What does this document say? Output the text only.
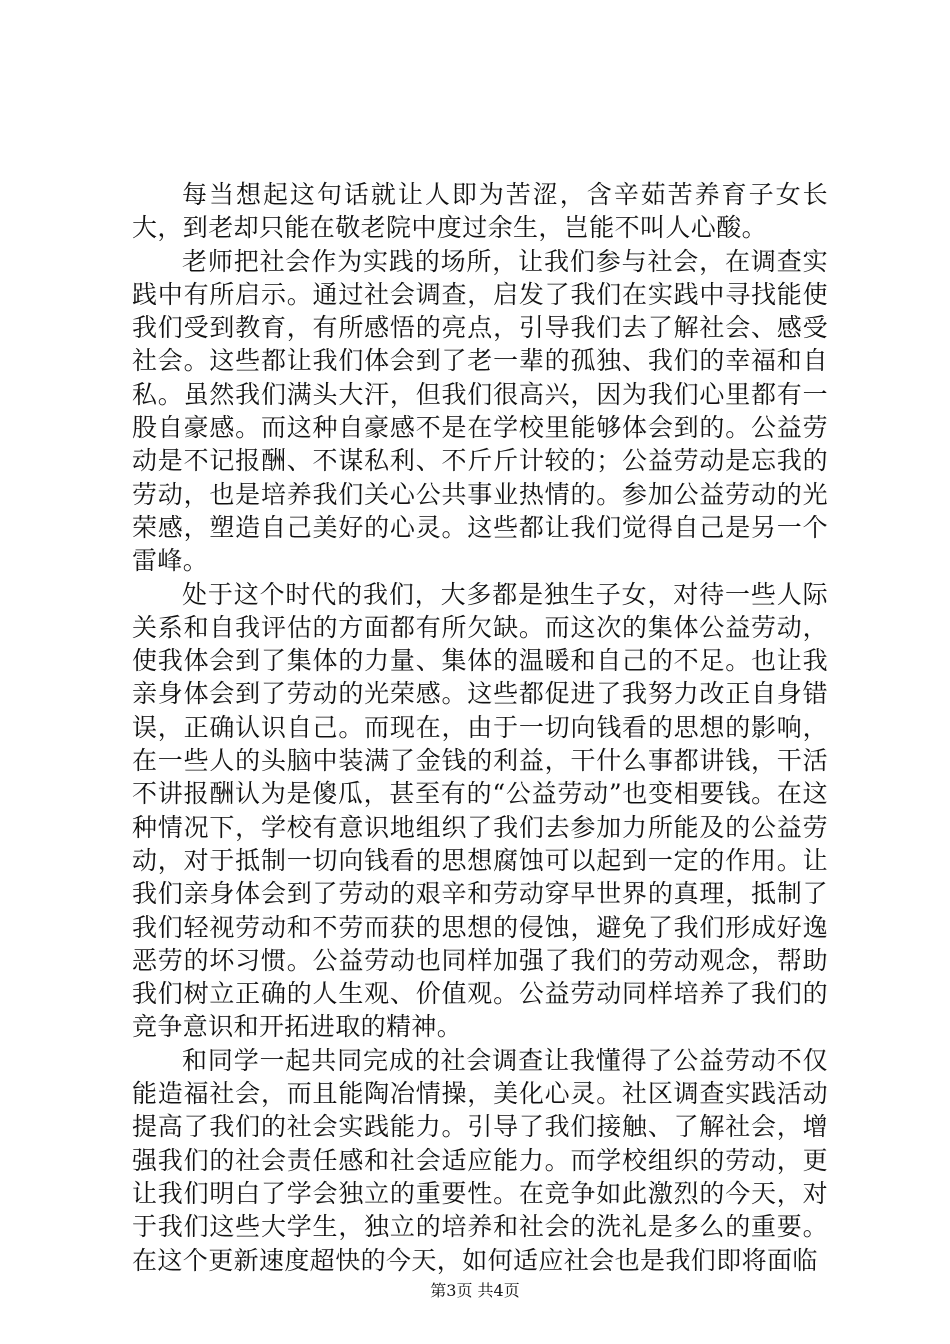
每当想起这句话就让人即为苦涩，含辛茹苦养育子女长大，到老却只能在敬老院中度过余生，岂能不叫人心酸。

老师把社会作为实践的场所，让我们参与社会，在调查实践中有所启示。通过社会调查，启发了我们在实践中寻找能使我们受到教育，有所感悟的亮点，引导我们去了解社会、感受社会。这些都让我们体会到了老一辈的孤独、我们的幸福和自私。虽然我们满头大汗，但我们很高兴，因为我们心里都有一股自豪感。而这种自豪感不是在学校里能够体会到的。公益劳动是不记报酬、不谋私利、不斤斤计较的；公益劳动是忘我的劳动，也是培养我们关心公共事业热情的。参加公益劳动的光荣感，塑造自己美好的心灵。这些都让我们觉得自己是另一个雷峰。

处于这个时代的我们，大多都是独生子女，对待一些人际关系和自我评估的方面都有所欠缺。而这次的集体公益劳动，使我体会到了集体的力量、集体的温暖和自己的不足。也让我亲身体会到了劳动的光荣感。这些都促进了我努力改正自身错误，正确认识自己。而现在，由于一切向钱看的思想的影响，在一些人的头脑中装满了金钱的利益，干什么事都讲钱，干活不讲报酬认为是傻瓜，甚至有的“公益劳动”也变相要钱。在这种情况下，学校有意识地组织了我们去参加力所能及的公益劳动，对于抵制一切向钱看的思想腐蚀可以起到一定的作用。让我们亲身体会到了劳动的艰辛和劳动穿早世界的真理，抵制了我们轻视劳动和不劳而获的思想的侵蚀，避免了我们形成好逸恶劳的坏习惯。公益劳动也同样加强了我们的劳动观念，帮助我们树立正确的人生观、价值观。公益劳动同样培养了我们的竞争意识和开拓进取的精神。

和同学一起共同完成的社会调查让我懂得了公益劳动不仅能造福社会，而且能陶冶情操，美化心灵。社区调查实践活动提高了我们的社会实践能力。引导了我们接触、了解社会，增强我们的社会责任感和社会适应能力。而学校组织的劳动，更让我们明白了学会独立的重要性。在竞争如此激烈的今天，对于我们这些大学生，独立的培养和社会的洗礼是多么的重要。在这个更新速度超快的今天，如何适应社会也是我们即将面临

第3页 共4页
